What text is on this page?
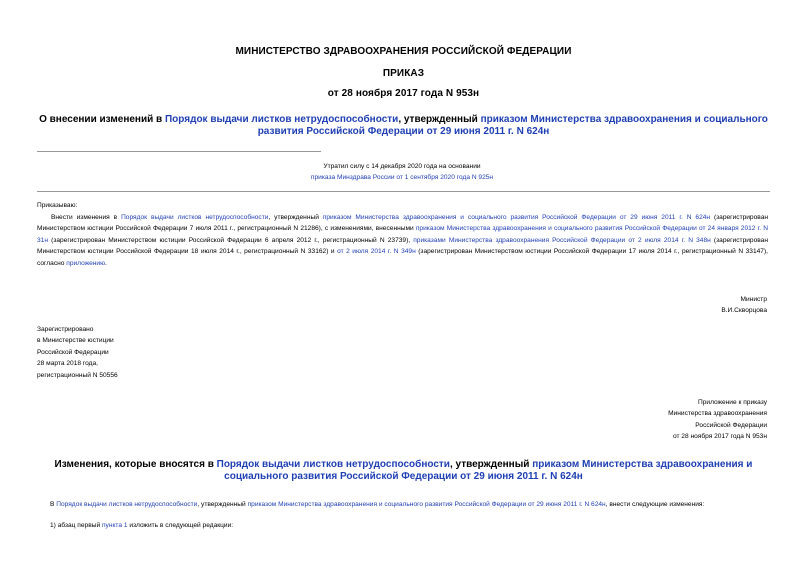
МИНИСТЕРСТВО ЗДРАВООХРАНЕНИЯ РОССИЙСКОЙ ФЕДЕРАЦИИ
ПРИКАЗ
от 28 ноября 2017 года N 953н
О внесении изменений в Порядок выдачи листков нетрудоспособности, утвержденный приказом Министерства здравоохранения и социального развития Российской Федерации от 29 июня 2011 г. N 624н
Утратил силу с 14 декабря 2020 года на основании
приказа Минздрава России от 1 сентября 2020 года N 925н
Приказываю:
Внести изменения в Порядок выдачи листков нетрудоспособности, утвержденный приказом Министерства здравоохранения и социального развития Российской Федерации от 29 июня 2011 г. N 624н (зарегистрирован Министерством юстиции Российской Федерации 7 июля 2011 г., регистрационный N 21286), с изменениями, внесенными приказом Министерства здравоохранения и социального развития Российской Федерации от 24 января 2012 г. N 31н (зарегистрирован Министерством юстиции Российской Федерации 6 апреля 2012 г., регистрационный N 23739), приказами Министерства здравоохранения Российской Федерации от 2 июля 2014 г. N 348н (зарегистрирован Министерством юстиции Российской Федерации 18 июля 2014 г., регистрационный N 33162) и от 2 июля 2014 г. N 349н (зарегистрирован Министерством юстиции Российской Федерации 17 июля 2014 г., регистрационный N 33147), согласно приложению.
Министр
В.И.Скворцова
Зарегистрировано
в Министерстве юстиции
Российской Федерации
28 марта 2018 года,
регистрационный N 50556
Приложение к приказу
Министерства здравоохранения
Российской Федерации
от 28 ноября 2017 года N 953н
Изменения, которые вносятся в Порядок выдачи листков нетрудоспособности, утвержденный приказом Министерства здравоохранения и социального развития Российской Федерации от 29 июня 2011 г. N 624н
В Порядок выдачи листков нетрудоспособности, утвержденный приказом Министерства здравоохранения и социального развития Российской Федерации от 29 июня 2011 г. N 624н, внести следующие изменения:
1) абзац первый пункта 1 изложить в следующей редакции:
